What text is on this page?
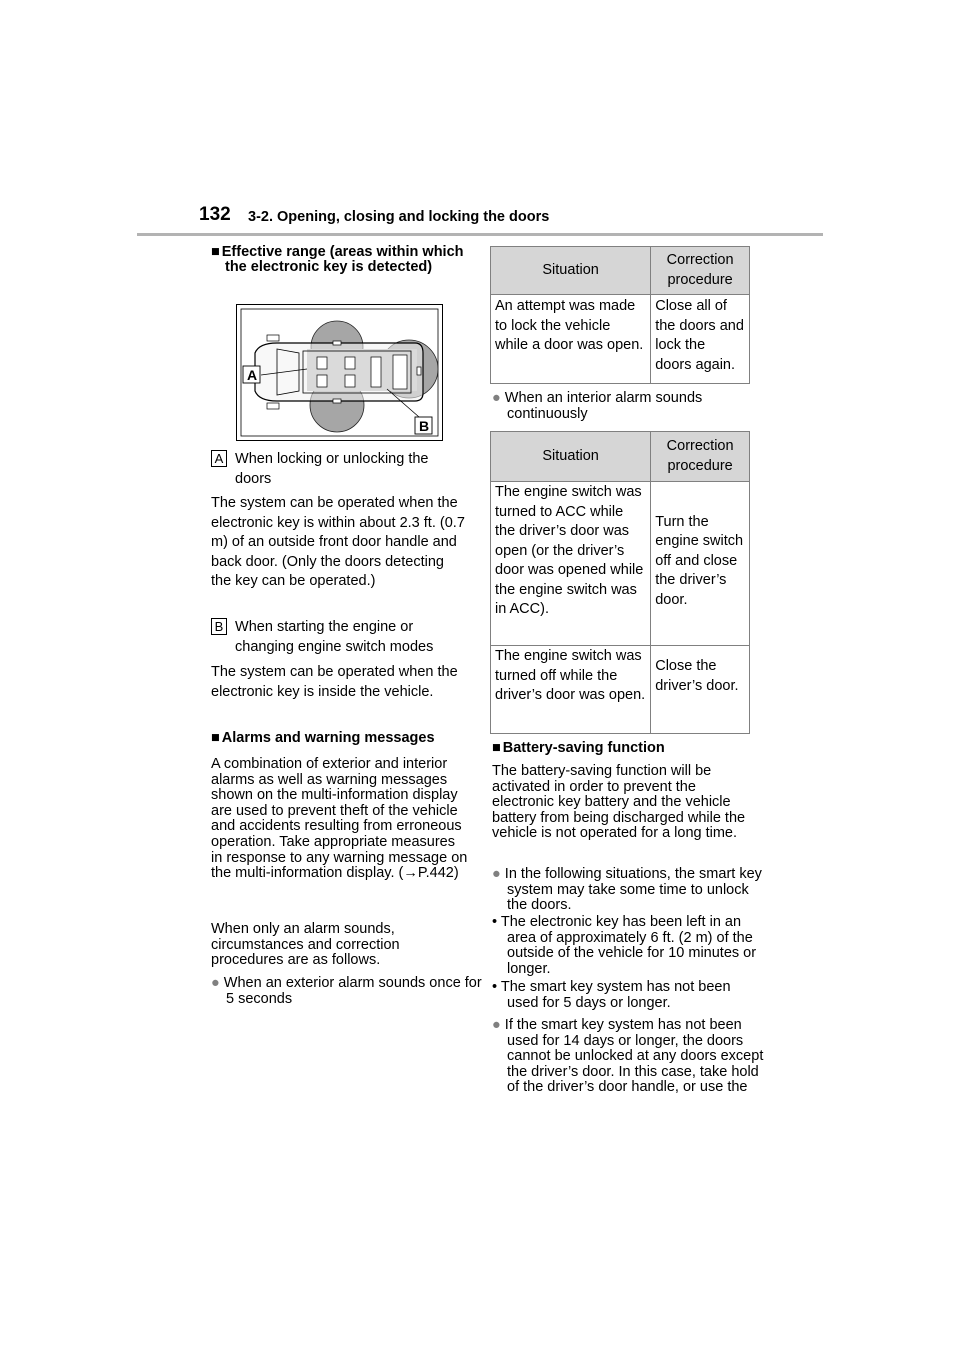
132 3-2. Opening, closing and locking the doors
■ Effective range (areas within which the electronic key is detected)
A
B
A When locking or unlocking the doors
The system can be operated when the electronic key is within about 2.3 ft. (0.7 m) of an outside front door handle and back door. (Only the doors detecting the key can be operated.)
B When starting the engine or changing engine switch modes
The system can be operated when the electronic key is inside the vehicle.
■ Alarms and warning messages
A combination of exterior and interior alarms as well as warning messages shown on the multi-information display are used to prevent theft of the vehicle and accidents resulting from erroneous operation. Take appropriate measures in response to any warning message on the multi-information display. (→P.442)
When only an alarm sounds, circumstances and correction procedures are as follows.
● When an exterior alarm sounds once for 5 seconds
Situation	Correction procedure

An attempt was made to lock the vehicle while a door was open.	Close all of the doors and lock the doors again.
● When an interior alarm sounds continuously
Situation	Correction procedure

The engine switch was turned to ACC while the driver’s door was open (or the driver’s door was opened while the engine switch was in ACC).	Turn the engine switch off and close the driver’s door.

The engine switch was turned off while the driver’s door was open.	Close the driver’s door.
■ Battery-saving function
The battery-saving function will be activated in order to prevent the electronic key battery and the vehicle battery from being discharged while the vehicle is not operated for a long time.
● In the following situations, the smart key system may take some time to unlock the doors.
• The electronic key has been left in an area of approximately 6 ft. (2 m) of the outside of the vehicle for 10 minutes or longer.
• The smart key system has not been used for 5 days or longer.
● If the smart key system has not been used for 14 days or longer, the doors cannot be unlocked at any doors except the driver’s door. In this case, take hold of the driver’s door handle, or use the
